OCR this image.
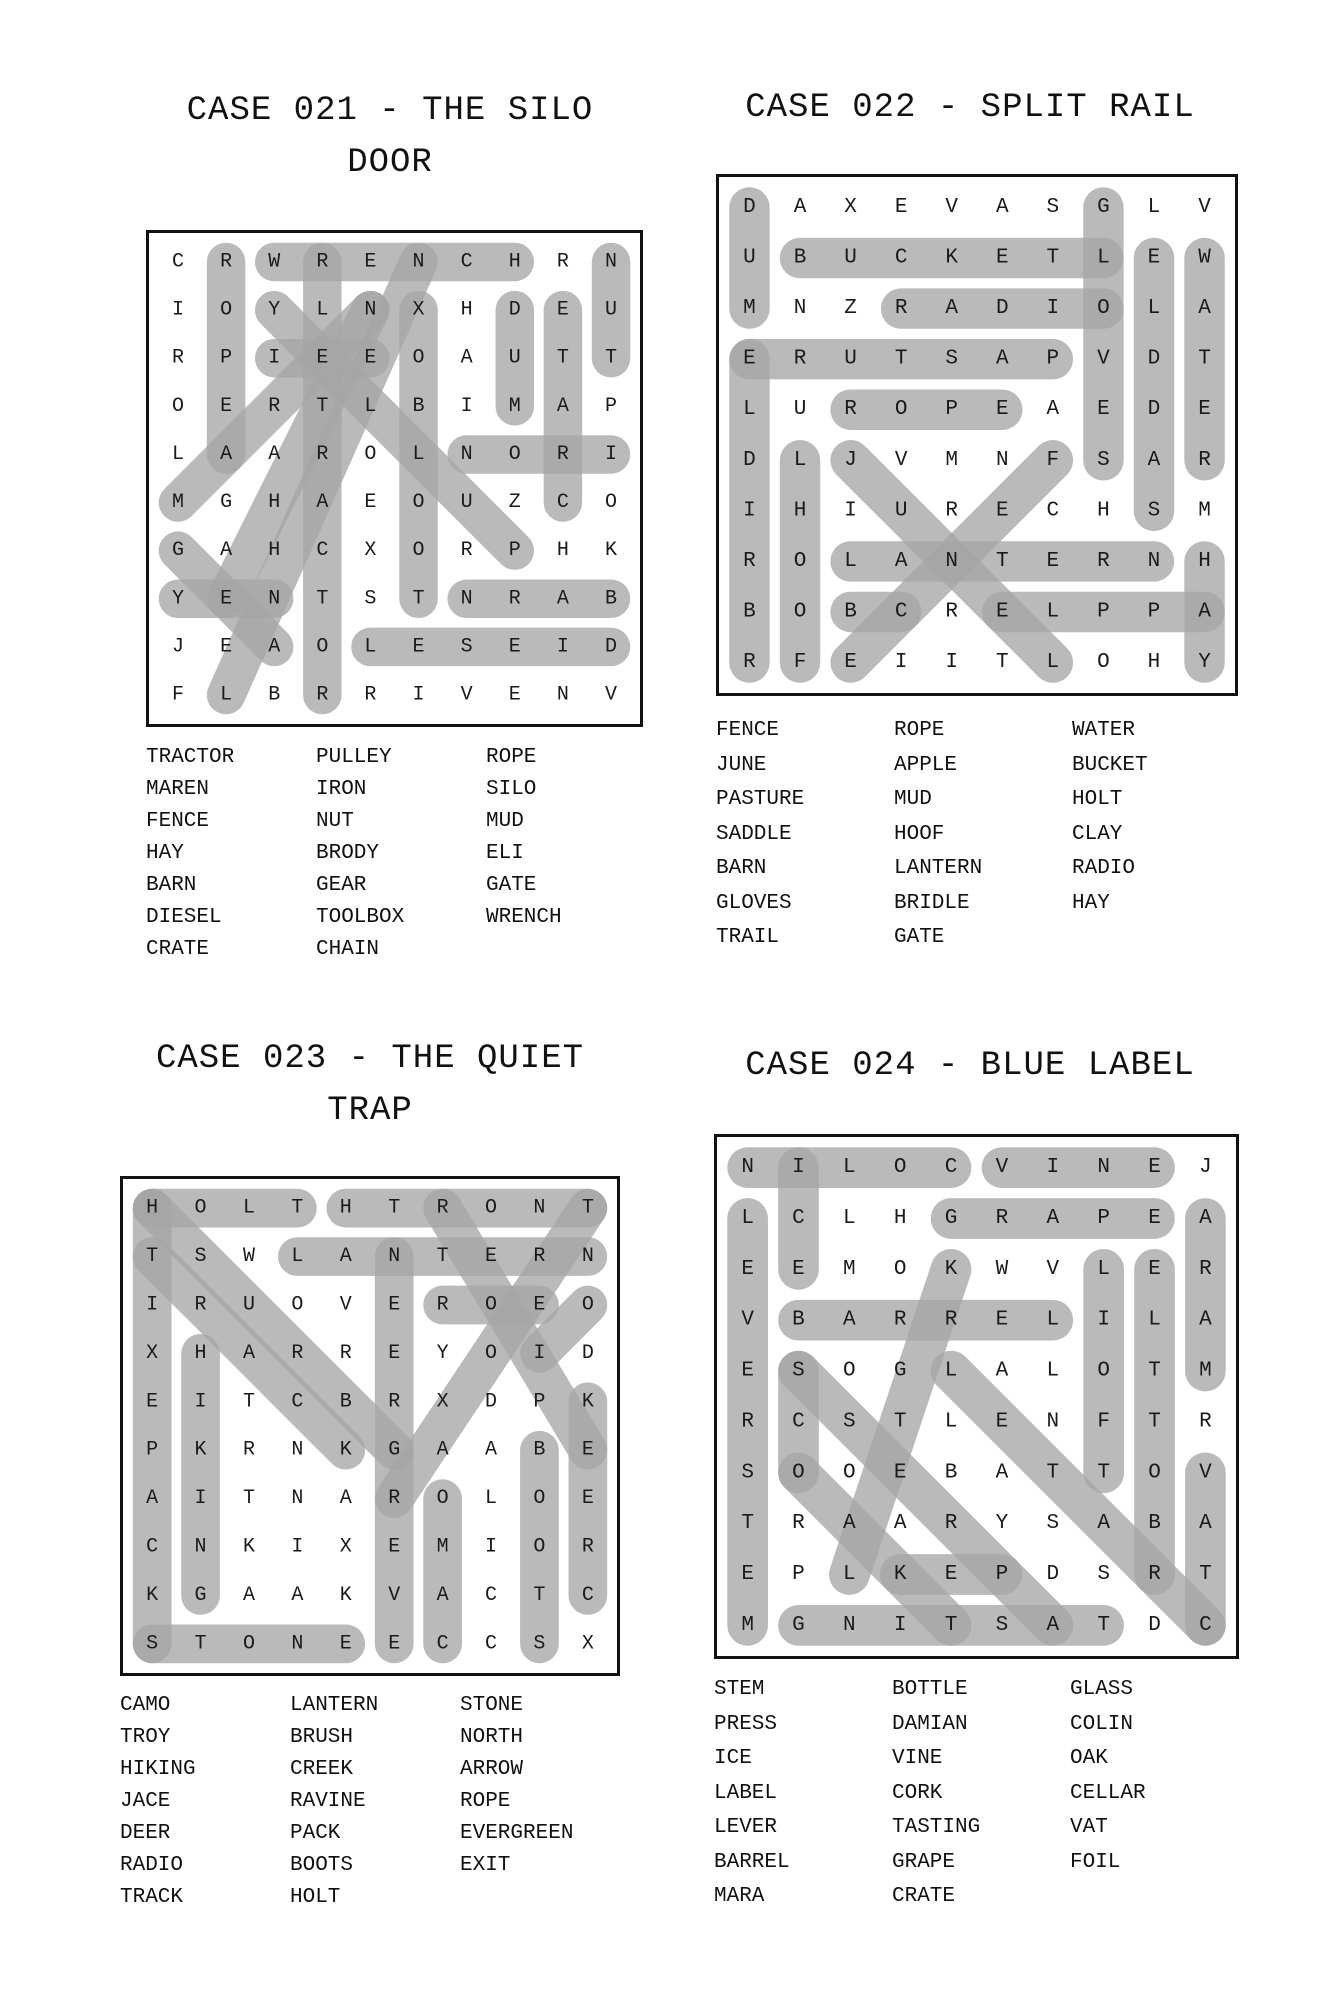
CASE 021 - THE SILO
DOOR
C R W R E N C H R N
I O Y L N X H D E U
R P I E E O A U T T
O E R T L B I M A P
L A A R O L N O R I
M G H A E O U Z C O
G A H C X O R P H K
Y E N T S T N R A B
J E A O L E S E I D
F L B R R I V E N V
TRACTOR
MAREN
FENCE
HAY
BARN
DIESEL
CRATE
PULLEY
IRON
NUT
BRODY
GEAR
TOOLBOX
CHAIN
ROPE
SILO
MUD
ELI
GATE
WRENCH
CASE 022 - SPLIT RAIL
D A X E V A S G L V
U B U C K E T L E W
M N Z R A D I O L A
E R U T S A P V D T
L U R O P E A E D E
D L J V M N F S A R
I H I U R E C H S M
R O L A N T E R N H
B O B C R E L P P A
R F E I I T L O H Y
FENCE
JUNE
PASTURE
SADDLE
BARN
GLOVES
TRAIL
ROPE
APPLE
MUD
HOOF
LANTERN
BRIDLE
GATE
WATER
BUCKET
HOLT
CLAY
RADIO
HAY
CASE 023 - THE QUIET
TRAP
H O L T H T R O N T
T S W L A N T E R N
I R U O V E R O E O
X H A R R E Y O I D
E I T C B R X D P K
P K R N K G A A B E
A I T N A R O L O E
C N K I X E M I O R
K G A A K V A C T C
S T O N E E C C S X
CAMO
TROY
HIKING
JACE
DEER
RADIO
TRACK
LANTERN
BRUSH
CREEK
RAVINE
PACK
BOOTS
HOLT
STONE
NORTH
ARROW
ROPE
EVERGREEN
EXIT
CASE 024 - BLUE LABEL
N I L O C V I N E J
L C L H G R A P E A
E E M O K W V L E R
V B A R R E L I L A
E S O G L A L O T M
R C S T L E N F T R
S O O E B A T T O V
T R A A R Y S A B A
E P L K E P D S R T
M G N I T S A T D C
STEM
PRESS
ICE
LABEL
LEVER
BARREL
MARA
BOTTLE
DAMIAN
VINE
CORK
TASTING
GRAPE
CRATE
GLASS
COLIN
OAK
CELLAR
VAT
FOIL
